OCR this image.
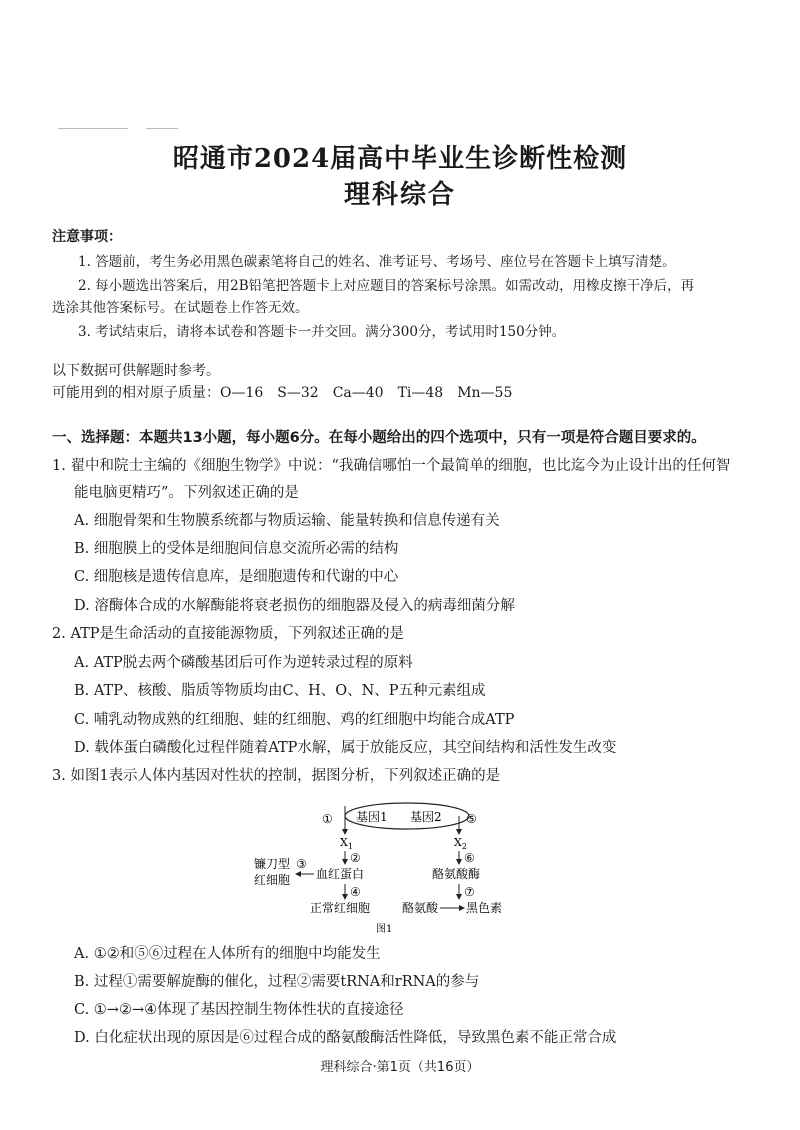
昭通市2024届高中毕业生诊断性检测
理科综合
注意事项：
1. 答题前，考生务必用黑色碳素笔将自己的姓名、准考证号、考场号、座位号在答题卡上填写清楚。
2. 每小题选出答案后，用2B铅笔把答题卡上对应题目的答案标号涂黑。如需改动，用橡皮擦干净后，再
选涂其他答案标号。在试题卷上作答无效。
3. 考试结束后，请将本试卷和答题卡一并交回。满分300分，考试用时150分钟。
以下数据可供解题时参考。
可能用到的相对原子质量：O—16　S—32　Ca—40　Ti—48　Mn—55
一、选择题：本题共13小题，每小题6分。在每小题给出的四个选项中，只有一项是符合题目要求的。
1. 翟中和院士主编的《细胞生物学》中说：“我确信哪怕一个最简单的细胞，也比迄今为止设计出的任何智
能电脑更精巧”。下列叙述正确的是
A. 细胞骨架和生物膜系统都与物质运输、能量转换和信息传递有关
B. 细胞膜上的受体是细胞间信息交流所必需的结构
C. 细胞核是遗传信息库，是细胞遗传和代谢的中心
D. 溶酶体合成的水解酶能将衰老损伤的细胞器及侵入的病毒细菌分解
2. ATP是生命活动的直接能源物质，下列叙述正确的是
A. ATP脱去两个磷酸基团后可作为逆转录过程的原料
B. ATP、核酸、脂质等物质均由C、H、O、N、P五种元素组成
C. 哺乳动物成熟的红细胞、蛙的红细胞、鸡的红细胞中均能合成ATP
D. 载体蛋白磷酸化过程伴随着ATP水解，属于放能反应，其空间结构和活性发生改变
3. 如图1表示人体内基因对性状的控制，据图分析，下列叙述正确的是
基因1 基因2
①
$X_1$
②
血红蛋白
③
镰刀型
红细胞
④
正常红细胞
⑤
$X_2$
⑥
酪氨酸酶
⑦
酪氨酸 黑色素
图1
A. ①②和⑤⑥过程在人体所有的细胞中均能发生
B. 过程①需要解旋酶的催化，过程②需要tRNA和rRNA的参与
C. ①→②→④体现了基因控制生物体性状的直接途径
D. 白化症状出现的原因是⑥过程合成的酪氨酸酶活性降低，导致黑色素不能正常合成
理科综合·第1页（共16页）
